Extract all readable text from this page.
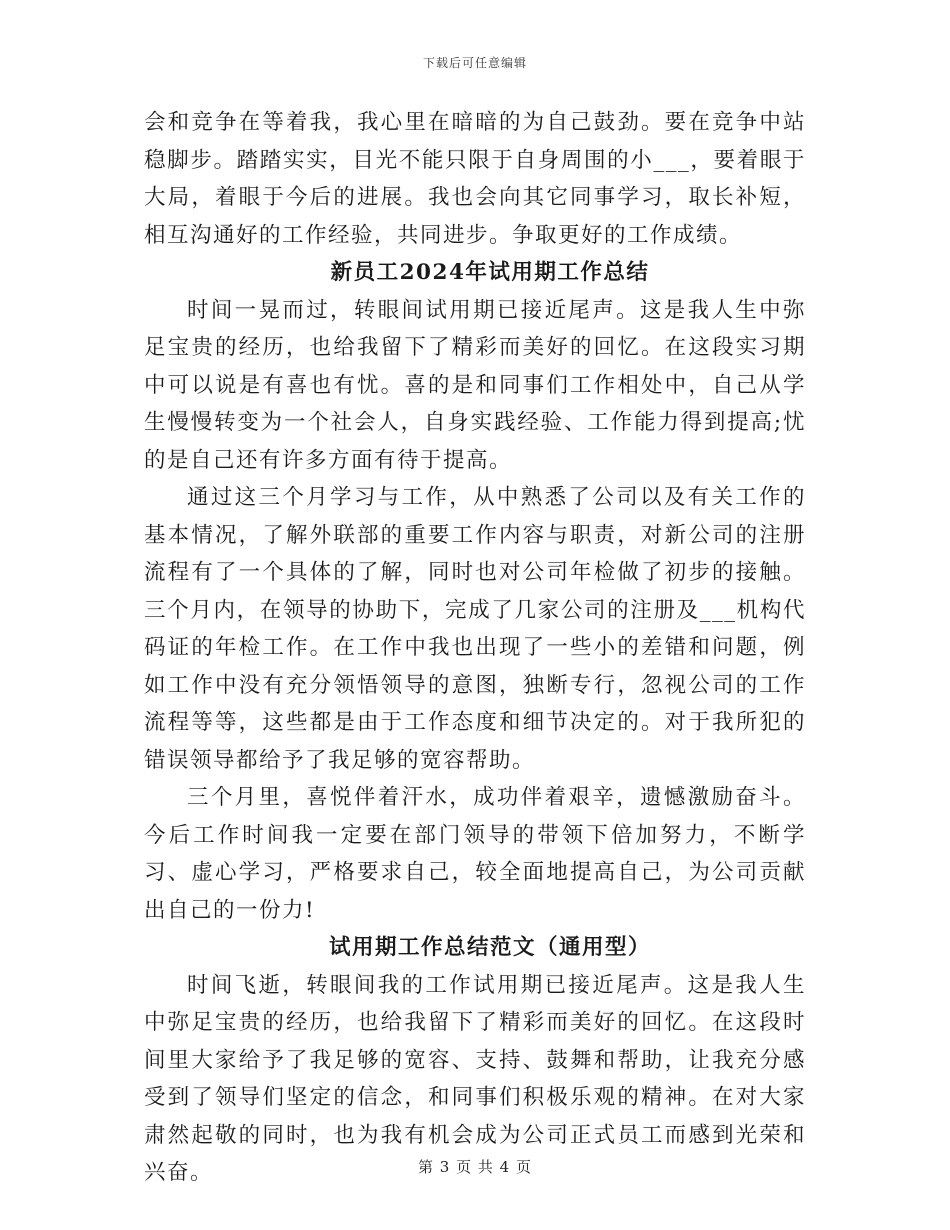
下载后可任意编辑

会和竞争在等着我，我心里在暗暗的为自己鼓劲。要在竞争中站稳脚步。踏踏实实，目光不能只限于自身周围的小___，要着眼于大局，着眼于今后的进展。我也会向其它同事学习，取长补短，相互沟通好的工作经验，共同进步。争取更好的工作成绩。

新员工2024年试用期工作总结

时间一晃而过，转眼间试用期已接近尾声。这是我人生中弥足宝贵的经历，也给我留下了精彩而美好的回忆。在这段实习期中可以说是有喜也有忧。喜的是和同事们工作相处中，自己从学生慢慢转变为一个社会人，自身实践经验、工作能力得到提高;忧的是自己还有许多方面有待于提高。

通过这三个月学习与工作，从中熟悉了公司以及有关工作的基本情况，了解外联部的重要工作内容与职责，对新公司的注册流程有了一个具体的了解，同时也对公司年检做了初步的接触。三个月内，在领导的协助下，完成了几家公司的注册及___机构代码证的年检工作。在工作中我也出现了一些小的差错和问题，例如工作中没有充分领悟领导的意图，独断专行，忽视公司的工作流程等等，这些都是由于工作态度和细节决定的。对于我所犯的错误领导都给予了我足够的宽容帮助。

三个月里，喜悦伴着汗水，成功伴着艰辛，遗憾激励奋斗。今后工作时间我一定要在部门领导的带领下倍加努力，不断学习、虚心学习，严格要求自己，较全面地提高自己，为公司贡献出自己的一份力!

试用期工作总结范文（通用型）

时间飞逝，转眼间我的工作试用期已接近尾声。这是我人生中弥足宝贵的经历，也给我留下了精彩而美好的回忆。在这段时间里大家给予了我足够的宽容、支持、鼓舞和帮助，让我充分感受到了领导们坚定的信念，和同事们积极乐观的精神。在对大家肃然起敬的同时，也为我有机会成为公司正式员工而感到光荣和兴奋。	第 3 页 共 4 页
